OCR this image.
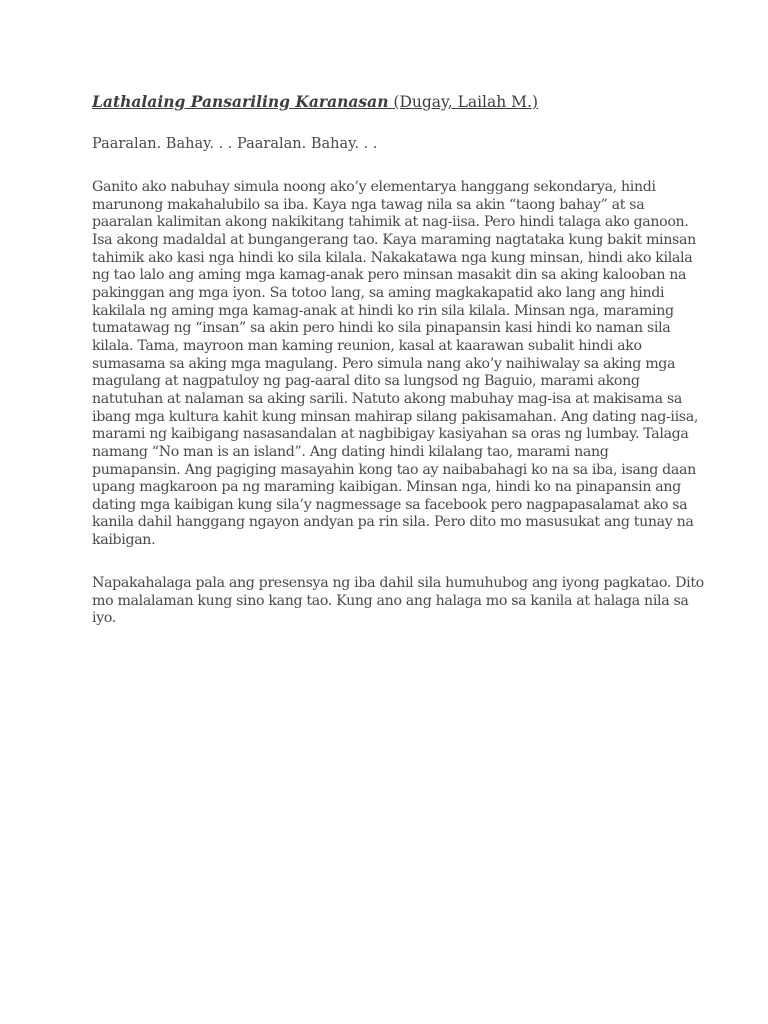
Lathalaing Pansariling Karanasan (Dugay, Lailah M.)
Paaralan. Bahay. . . Paaralan. Bahay. . .
Ganito ako nabuhay simula noong ako’y elementarya hanggang sekondarya, hindi
marunong makahalubilo sa iba. Kaya nga tawag nila sa akin “taong bahay” at sa
paaralan kalimitan akong nakikitang tahimik at nag-iisa. Pero hindi talaga ako ganoon.
Isa akong madaldal at bungangerang tao. Kaya maraming nagtataka kung bakit minsan
tahimik ako kasi nga hindi ko sila kilala. Nakakatawa nga kung minsan, hindi ako kilala
ng tao lalo ang aming mga kamag-anak pero minsan masakit din sa aking kalooban na
pakinggan ang mga iyon. Sa totoo lang, sa aming magkakapatid ako lang ang hindi
kakilala ng aming mga kamag-anak at hindi ko rin sila kilala. Minsan nga, maraming
tumatawag ng “insan” sa akin pero hindi ko sila pinapansin kasi hindi ko naman sila
kilala. Tama, mayroon man kaming reunion, kasal at kaarawan subalit hindi ako
sumasama sa aking mga magulang. Pero simula nang ako’y naihiwalay sa aking mga
magulang at nagpatuloy ng pag-aaral dito sa lungsod ng Baguio, marami akong
natutuhan at nalaman sa aking sarili. Natuto akong mabuhay mag-isa at makisama sa
ibang mga kultura kahit kung minsan mahirap silang pakisamahan. Ang dating nag-iisa,
marami ng kaibigang nasasandalan at nagbibigay kasiyahan sa oras ng lumbay. Talaga
namang “No man is an island”. Ang dating hindi kilalang tao, marami nang
pumapansin. Ang pagiging masayahin kong tao ay naibabahagi ko na sa iba, isang daan
upang magkaroon pa ng maraming kaibigan. Minsan nga, hindi ko na pinapansin ang
dating mga kaibigan kung sila’y nagmessage sa facebook pero nagpapasalamat ako sa
kanila dahil hanggang ngayon andyan pa rin sila. Pero dito mo masusukat ang tunay na
kaibigan.
Napakahalaga pala ang presensya ng iba dahil sila humuhubog ang iyong pagkatao. Dito
mo malalaman kung sino kang tao. Kung ano ang halaga mo sa kanila at halaga nila sa
iyo.
